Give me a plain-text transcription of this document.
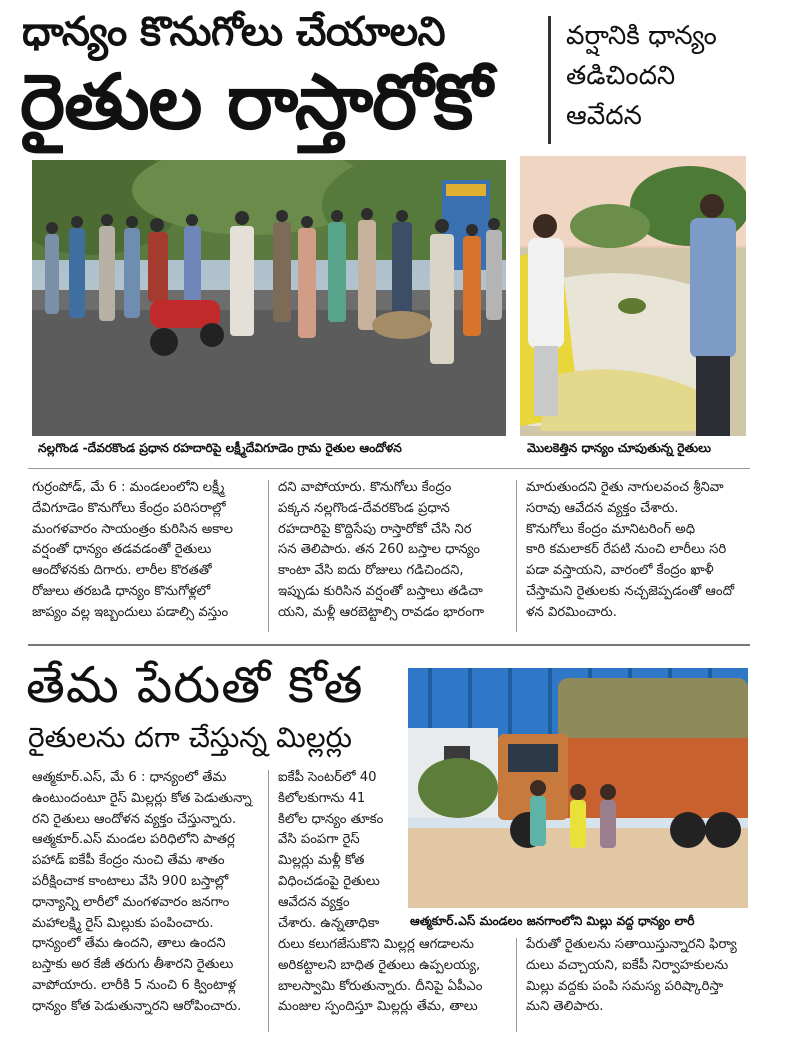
ధాన్యం కొనుగోలు చేయాలని
రైతుల రాస్తారోకో
వర్షానికి ధాన్యం
తడిచిందని
ఆవేదన
నల్లగొండ -దేవరకొండ ప్రధాన రహదారిపై లక్ష్మీదేవిగూడెం గ్రామ రైతుల ఆందోళన	మొలకెత్తిన ధాన్యం చూపుతున్న రైతులు
గుర్రంపోడ్, మే 6 : మండలంలోని లక్ష్మీ
దేవిగూడెం కొనుగోలు కేంద్రం పరిసరాల్లో
మంగళవారం సాయంత్రం కురిసిన అకాల
వర్షంతో ధాన్యం తడవడంతో రైతులు
ఆందోళనకు దిగారు. లారీల కొరతతో
రోజులు తరబడి ధాన్యం కొనుగోళ్లలో
జాప్యం వల్ల ఇబ్బందులు పడాల్సి వస్తుం
దని వాపోయారు. కొనుగోలు కేంద్రం
పక్కన నల్లగొండ-దేవరకొండ ప్రధాన
రహదారిపై కొద్దిసేపు రాస్తారోకో చేసి నిర
సన తెలిపారు. తన 260 బస్తాల ధాన్యం
కాంటా వేసి ఐదు రోజులు గడిచిందని,
ఇప్పుడు కురిసిన వర్షంతో బస్తాలు తడిచా
యని, మళ్లీ ఆరబెట్టాల్సి రావడం భారంగా
మారుతుందని రైతు నాగులవంచ శ్రీనివా
సరావు ఆవేదన వ్యక్తం చేశారు.
కొనుగోలు కేంద్రం మానిటరింగ్ అధి
కారి కమలాకర్ రేపటి నుంచి లారీలు సరి
పడా వస్తాయని, వారంలో కేంద్రం ఖాళీ
చేస్తామని రైతులకు నచ్చజెప్పడంతో ఆందో
ళన విరమించారు.
తేమ పేరుతో కోత
రైతులను దగా చేస్తున్న మిల్లర్లు
ఆత్మకూర్.ఎస్ మండలం జనగాంలోని మిల్లు వద్ద ధాన్యం లారీ
ఆత్మకూర్.ఎస్, మే 6 : ధాన్యంలో తేమ
ఉంటుందంటూ రైస్ మిల్లర్లు కోత పెడుతున్నా
రని రైతులు ఆందోళన వ్యక్తం చేస్తున్నారు.
ఆత్మకూర్.ఎస్ మండల పరిధిలోని పాతర్ల
పహాడ్ ఐకేపీ కేంద్రం నుంచి తేమ శాతం
పరీక్షించాక కాంటాలు వేసి 900 బస్తాల్లో
ధాన్యాన్ని లారీలో మంగళవారం జనగాం
మహాలక్ష్మి రైస్ మిల్లుకు పంపించారు.
ధాన్యంలో తేమ ఉందని, తాలు ఉందని
బస్తాకు అర కేజీ తరుగు తీశారని రైతులు
వాపోయారు. లారీకి 5 నుంచి 6 క్వింటాళ్ల
ధాన్యం కోత పెడుతున్నారని ఆరోపించారు.
ఐకేపీ సెంటర్‌లో 40
కిలోలకుగాను 41
కిలోల ధాన్యం తూకం
వేసి పంపగా రైస్
మిల్లర్లు మళ్లీ కోత
విధించడంపై రైతులు
ఆవేదన వ్యక్తం
చేశారు. ఉన్నతాధికా
రులు కలుగజేసుకొని మిల్లర్ల ఆగడాలను
అరికట్టాలని బాధిత రైతులు ఉప్పలయ్య,
బాలస్వామి కోరుతున్నారు. దీనిపై ఏపీఎం
మంజుల స్పందిస్తూ మిల్లర్లు తేమ, తాలు
పేరుతో రైతులను సతాయిస్తున్నారని ఫిర్యా
దులు వచ్చాయని, ఐకేపీ నిర్వాహకులను
మిల్లు వద్దకు పంపి సమస్య పరిష్కారిస్తా
మని తెలిపారు.
